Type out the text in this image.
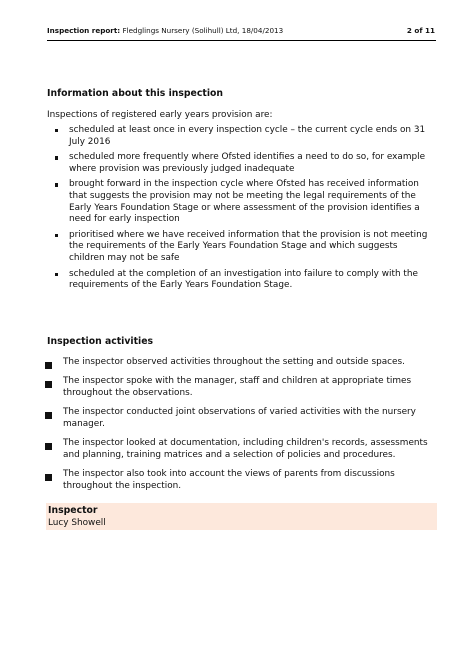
Inspection report: Fledglings Nursery (Solihull) Ltd, 18/04/2013	2 of 11
Information about this inspection
Inspections of registered early years provision are:
scheduled at least once in every inspection cycle – the current cycle ends on 31 July 2016
scheduled more frequently where Ofsted identifies a need to do so, for example where provision was previously judged inadequate
brought forward in the inspection cycle where Ofsted has received information that suggests the provision may not be meeting the legal requirements of the Early Years Foundation Stage or where assessment of the provision identifies a need for early inspection
prioritised where we have received information that the provision is not meeting the requirements of the Early Years Foundation Stage and which suggests children may not be safe
scheduled at the completion of an investigation into failure to comply with the requirements of the Early Years Foundation Stage.
Inspection activities
The inspector observed activities throughout the setting and outside spaces.
The inspector spoke with the manager, staff and children at appropriate times throughout the observations.
The inspector conducted joint observations of varied activities with the nursery manager.
The inspector looked at documentation, including children's records, assessments and planning, training matrices and a selection of policies and procedures.
The inspector also took into account the views of parents from discussions throughout the inspection.
Inspector
Lucy Showell
